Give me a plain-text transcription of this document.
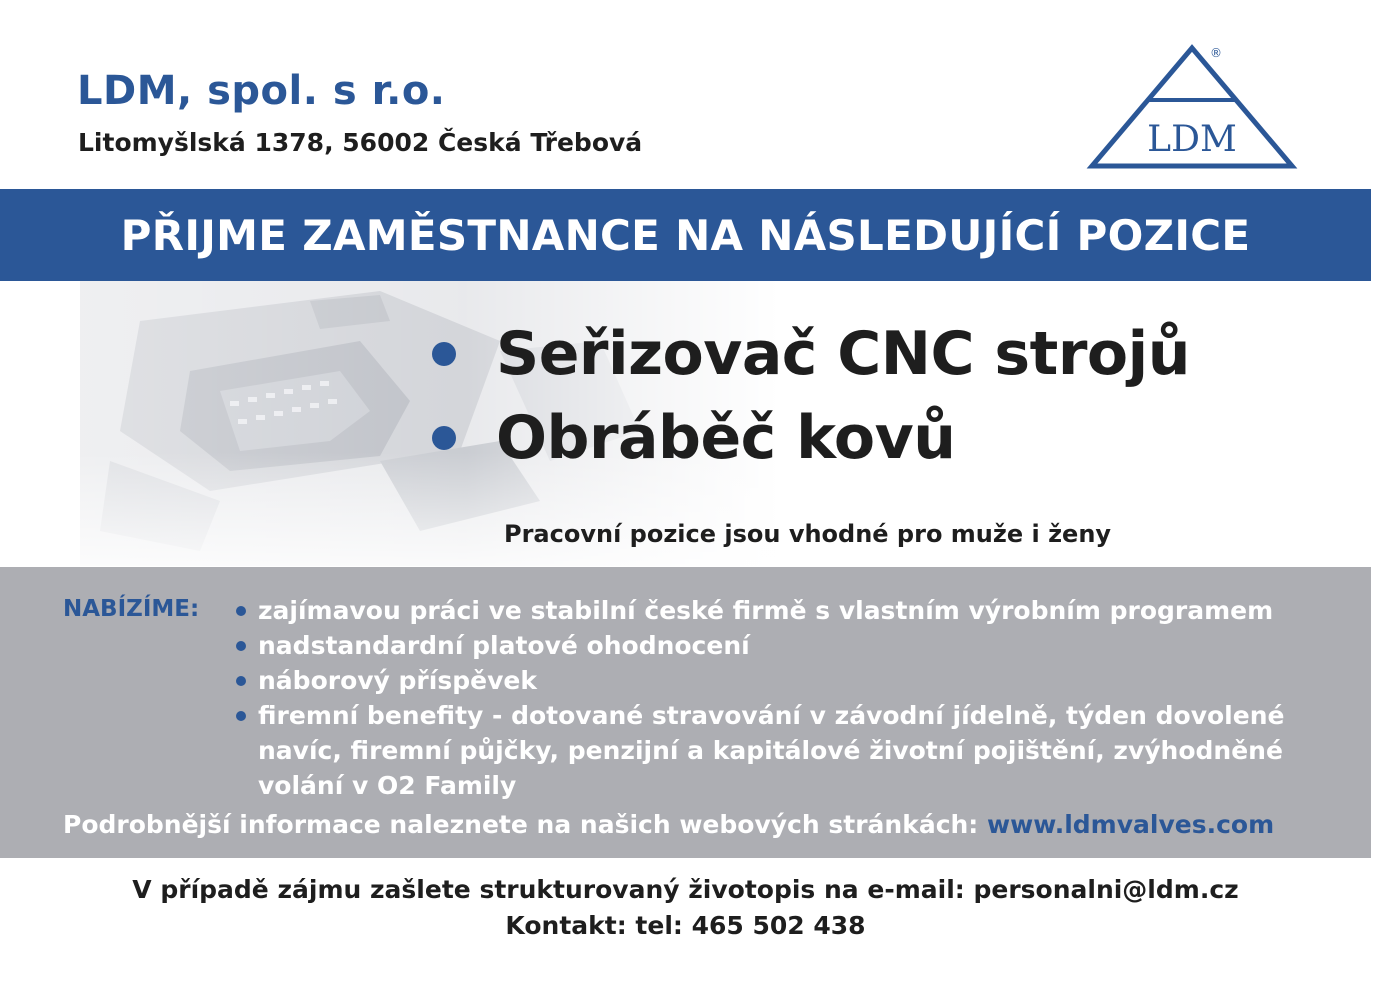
LDM, spol. s r.o.
Litomyšlská 1378, 56002 Česká Třebová	LDM
®
PŘIJME ZAMĚSTNANCE NA NÁSLEDUJÍCÍ POZICE
Seřizovač CNC strojů
Obráběč kovů
Pracovní pozice jsou vhodné pro muže i ženy
NABÍZÍME: zajímavou práci ve stabilní české firmě s vlastním výrobním programem
nadstandardní platové ohodnocení
náborový příspěvek
firemní benefity - dotované stravování v závodní jídelně, týden dovolené navíc, firemní půjčky, penzijní a kapitálové životní pojištění, zvýhodněné volání v O2 Family
Podrobnější informace naleznete na našich webových stránkách: www.ldmvalves.com
V případě zájmu zašlete strukturovaný životopis na e-mail: personalni@ldm.cz
Kontakt: tel: 465 502 438
